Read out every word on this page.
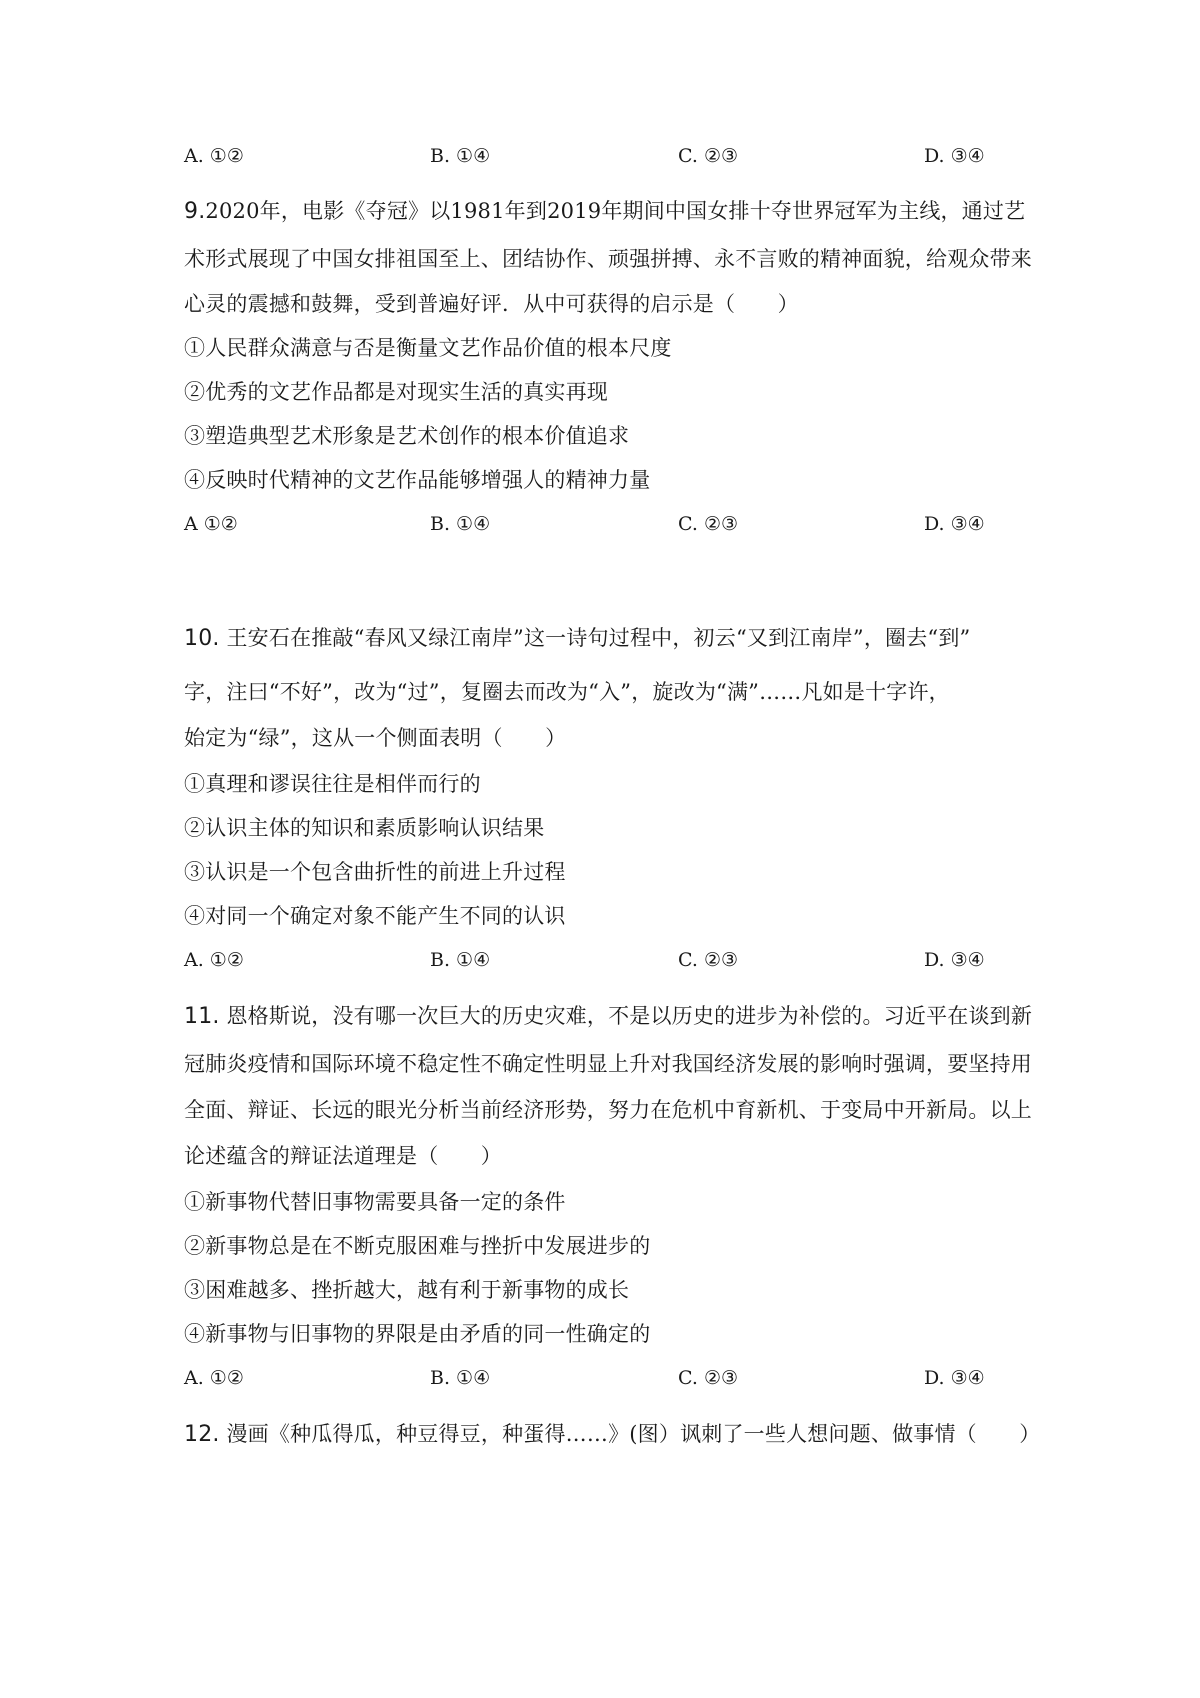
A. ①②	B. ①④	C. ②③	D. ③④
9.2020年，电影《夺冠》以1981年到2019年期间中国女排十夺世界冠军为主线，通过艺
术形式展现了中国女排祖国至上、团结协作、顽强拼搏、永不言败的精神面貌，给观众带来
心灵的震撼和鼓舞，受到普遍好评．从中可获得的启示是（　　）
①人民群众满意与否是衡量文艺作品价值的根本尺度
②优秀的文艺作品都是对现实生活的真实再现
③塑造典型艺术形象是艺术创作的根本价值追求
④反映时代精神的文艺作品能够增强人的精神力量
A ①②	B. ①④	C. ②③	D. ③④
10. 王安石在推敲“春风又绿江南岸”这一诗句过程中，初云“又到江南岸”，圈去“到”
字，注曰“不好”，改为“过”，复圈去而改为“入”，旋改为“满”……凡如是十字许，
始定为“绿”，这从一个侧面表明（　　）
①真理和谬误往往是相伴而行的
②认识主体的知识和素质影响认识结果
③认识是一个包含曲折性的前进上升过程
④对同一个确定对象不能产生不同的认识
A. ①②	B. ①④	C. ②③	D. ③④
11. 恩格斯说，没有哪一次巨大的历史灾难，不是以历史的进步为补偿的。习近平在谈到新
冠肺炎疫情和国际环境不稳定性不确定性明显上升对我国经济发展的影响时强调，要坚持用
全面、辩证、长远的眼光分析当前经济形势，努力在危机中育新机、于变局中开新局。以上
论述蕴含的辩证法道理是（　　）
①新事物代替旧事物需要具备一定的条件
②新事物总是在不断克服困难与挫折中发展进步的
③困难越多、挫折越大，越有利于新事物的成长
④新事物与旧事物的界限是由矛盾的同一性确定的
A. ①②	B. ①④	C. ②③	D. ③④
12. 漫画《种瓜得瓜，种豆得豆，种蛋得……》(图）讽刺了一些人想问题、做事情（　　）
